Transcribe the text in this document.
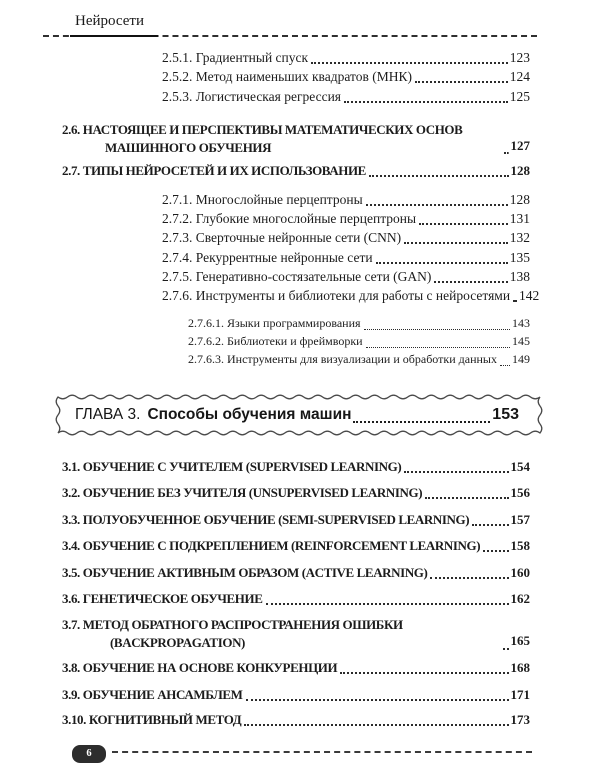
Нейросети
2.5.1. Градиентный спуск	123
2.5.2. Метод наименьших квадратов (МНК)	124
2.5.3. Логистическая регрессия	125
2.6. НАСТОЯЩЕЕ И ПЕРСПЕКТИВЫ МАТЕМАТИЧЕСКИХ ОСНОВ МАШИННОГО ОБУЧЕНИЯ	127
2.7. ТИПЫ НЕЙРОСЕТЕЙ И ИХ ИСПОЛЬЗОВАНИЕ	128
2.7.1. Многослойные перцептроны	128
2.7.2. Глубокие многослойные перцептроны	131
2.7.3. Сверточные нейронные сети (CNN)	132
2.7.4. Рекуррентные нейронные сети	135
2.7.5. Генеративно-состязательные сети (GAN)	138
2.7.6. Инструменты и библиотеки для работы с нейросетями 142
2.7.6.1. Языки программирования	143
2.7.6.2. Библиотеки и фреймворки	145
2.7.6.3. Инструменты для визуализации и обработки данных 149
ГЛАВА 3. Способы обучения машин	153
3.1. ОБУЧЕНИЕ С УЧИТЕЛЕМ (SUPERVISED LEARNING)	154
3.2. ОБУЧЕНИЕ БЕЗ УЧИТЕЛЯ (UNSUPERVISED LEARNING)	156
3.3. ПОЛУОБУЧЕННОЕ ОБУЧЕНИЕ (SEMI-SUPERVISED LEARNING)	157
3.4. ОБУЧЕНИЕ С ПОДКРЕПЛЕНИЕМ (REINFORCEMENT LEARNING) 158
3.5. ОБУЧЕНИЕ АКТИВНЫМ ОБРАЗОМ (ACTIVE LEARNING)	160
3.6. ГЕНЕТИЧЕСКОЕ ОБУЧЕНИЕ	162
3.7. МЕТОД ОБРАТНОГО РАСПРОСТРАНЕНИЯ ОШИБКИ (BACKPROPAGATION)	165
3.8. ОБУЧЕНИЕ НА ОСНОВЕ КОНКУРЕНЦИИ	168
3.9. ОБУЧЕНИЕ АНСАМБЛЕМ	171
3.10. КОГНИТИВНЫЙ МЕТОД	173
6
